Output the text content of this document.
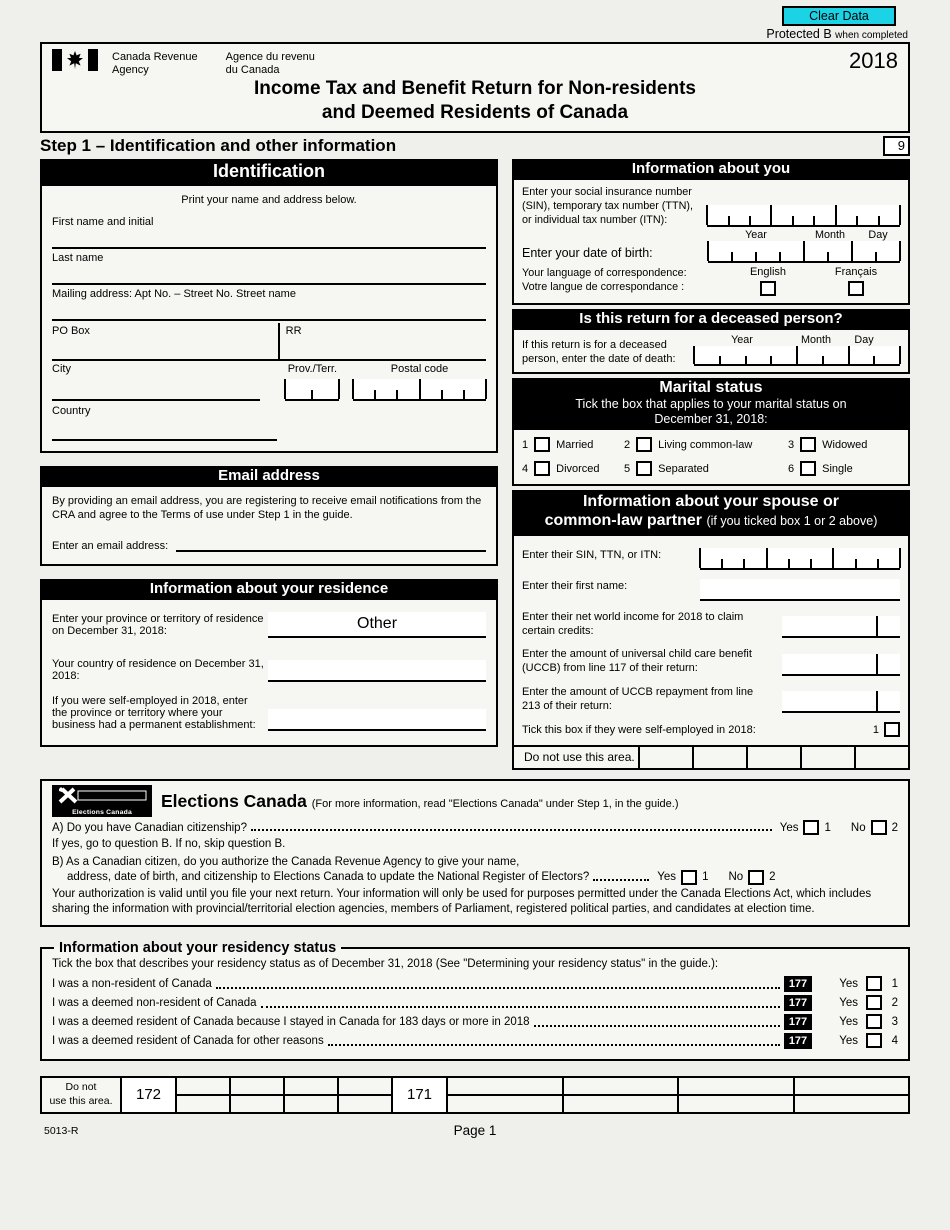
Clear Data
Protected B when completed
Canada Revenue
Agency
Agence du revenu
du Canada	2018
Income Tax and Benefit Return for Non-residents
and Deemed Residents of Canada
Step 1 – Identification and other information	9
Identification
Print your name and address below.
First name and initial
Last name
Mailing address: Apt No. – Street No. Street name
PO Box	RR
City	Prov./Terr.	Postal code
Country
Email address
By providing an email address, you are registering to receive email notifications from the CRA and agree to the Terms of use under Step 1 in the guide.
Enter an email address:
Information about your residence
Enter your province or territory of residence on December 31, 2018:	Other
Your country of residence on December 31, 2018:
If you were self-employed in 2018, enter the province or territory where your business had a permanent establishment:
Information about you
Enter your social insurance number (SIN), temporary tax number (TTN), or individual tax number (ITN):
Year	Month	Day
Enter your date of birth:
Your language of correspondence:
Votre langue de correspondance :
English	Français
Is this return for a deceased person?
If this return is for a deceased person, enter the date of death:
Year	Month	Day
Marital status
Tick the box that applies to your marital status on
December 31, 2018:
1	Married	2	Living common-law	3	Widowed
4	Divorced 5	Separated	6	Single
Information about your spouse or
common-law partner (if you ticked box 1 or 2 above)
Enter their SIN, TTN, or ITN:
Enter their first name:
Enter their net world income for 2018 to claim certain credits:
Enter the amount of universal child care benefit (UCCB) from line 117 of their return:
Enter the amount of UCCB repayment from line 213 of their return:
Tick this box if they were self-employed in 2018:	1
Do not use this area.
Elections Canada
Elections Canada (For more information, read "Elections Canada" under Step 1, in the guide.)
A) Do you have Canadian citizenship?	Yes 1 No 2
If yes, go to question B. If no, skip question B.
B) As a Canadian citizen, do you authorize the Canada Revenue Agency to give your name,
address, date of birth, and citizenship to Elections Canada to update the National Register of Electors?	Yes 1 No 2
Your authorization is valid until you file your next return. Your information will only be used for purposes permitted under the Canada Elections Act, which includes sharing the information with provincial/territorial election agencies, members of Parliament, registered political parties, and candidates at election time.
Information about your residency status
Tick the box that describes your residency status as of December 31, 2018 (See "Determining your residency status" in the guide.):
I was a non-resident of Canada	177	Yes	1
I was a deemed non-resident of Canada	177	Yes	2
I was a deemed resident of Canada because I stayed in Canada for 183 days or more in 2018	177	Yes	3
I was a deemed resident of Canada for other reasons	177	Yes	4
Do not
use this area.	172	171
5013-R	Page 1
